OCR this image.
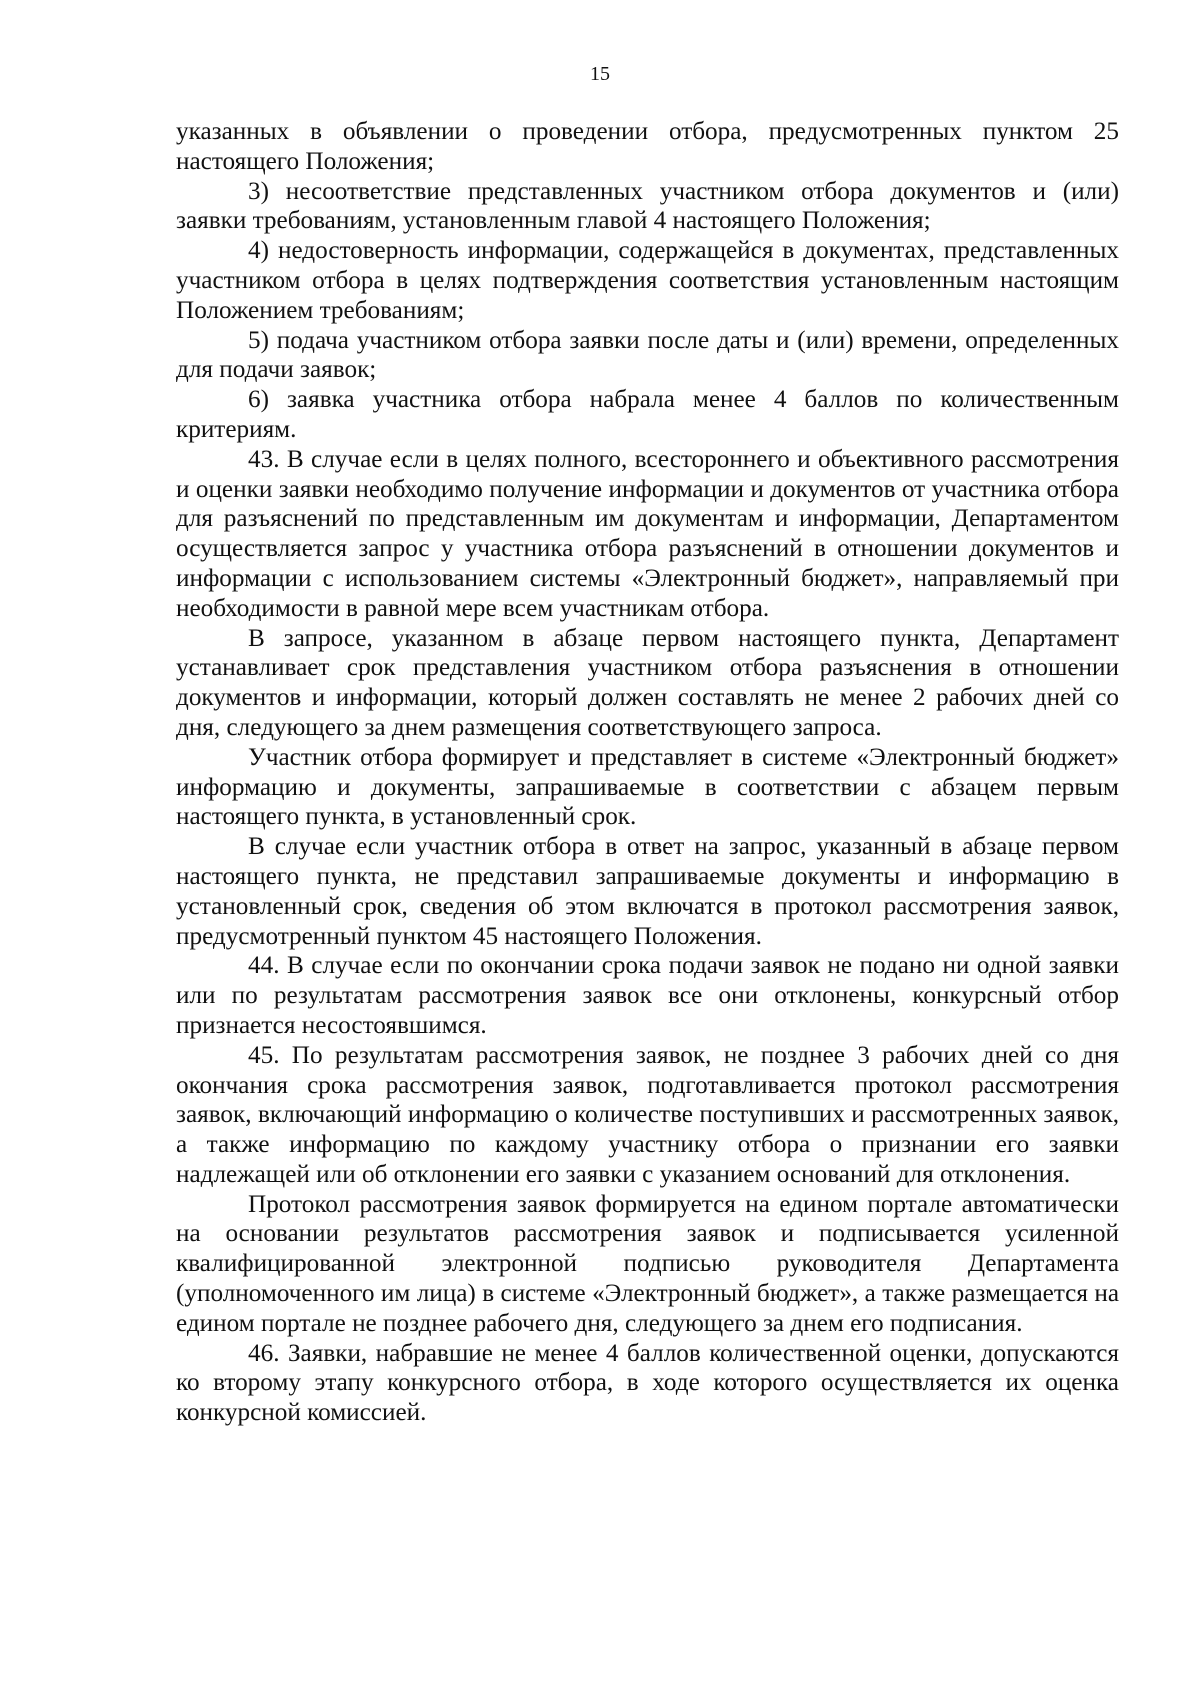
15

указанных в объявлении о проведении отбора, предусмотренных пунктом 25 настоящего Положения;

3) несоответствие представленных участником отбора документов и (или) заявки требованиям, установленным главой 4 настоящего Положения;

4) недостоверность информации, содержащейся в документах, представленных участником отбора в целях подтверждения соответствия установленным настоящим Положением требованиям;

5) подача участником отбора заявки после даты и (или) времени, определенных для подачи заявок;

6) заявка участника отбора набрала менее 4 баллов по количественным критериям.

43. В случае если в целях полного, всестороннего и объективного рассмотрения и оценки заявки необходимо получение информации и документов от участника отбора для разъяснений по представленным им документам и информации, Департаментом осуществляется запрос у участника отбора разъяснений в отношении документов и информации с использованием системы «Электронный бюджет», направляемый при необходимости в равной мере всем участникам отбора.

В запросе, указанном в абзаце первом настоящего пункта, Департамент устанавливает срок представления участником отбора разъяснения в отношении документов и информации, который должен составлять не менее 2 рабочих дней со дня, следующего за днем размещения соответствующего запроса.

Участник отбора формирует и представляет в системе «Электронный бюджет» информацию и документы, запрашиваемые в соответствии с абзацем первым настоящего пункта, в установленный срок.

В случае если участник отбора в ответ на запрос, указанный в абзаце первом настоящего пункта, не представил запрашиваемые документы и информацию в установленный срок, сведения об этом включатся в протокол рассмотрения заявок, предусмотренный пунктом 45 настоящего Положения.

44. В случае если по окончании срока подачи заявок не подано ни одной заявки или по результатам рассмотрения заявок все они отклонены, конкурсный отбор признается несостоявшимся.

45. По результатам рассмотрения заявок, не позднее 3 рабочих дней со дня окончания срока рассмотрения заявок, подготавливается протокол рассмотрения заявок, включающий информацию о количестве поступивших и рассмотренных заявок, а также информацию по каждому участнику отбора о признании его заявки надлежащей или об отклонении его заявки с указанием оснований для отклонения.

Протокол рассмотрения заявок формируется на едином портале автоматически на основании результатов рассмотрения заявок и подписывается усиленной квалифицированной электронной подписью руководителя Департамента (уполномоченного им лица) в системе «Электронный бюджет», а также размещается на едином портале не позднее рабочего дня, следующего за днем его подписания.

46. Заявки, набравшие не менее 4 баллов количественной оценки, допускаются ко второму этапу конкурсного отбора, в ходе которого осуществляется их оценка конкурсной комиссией.
